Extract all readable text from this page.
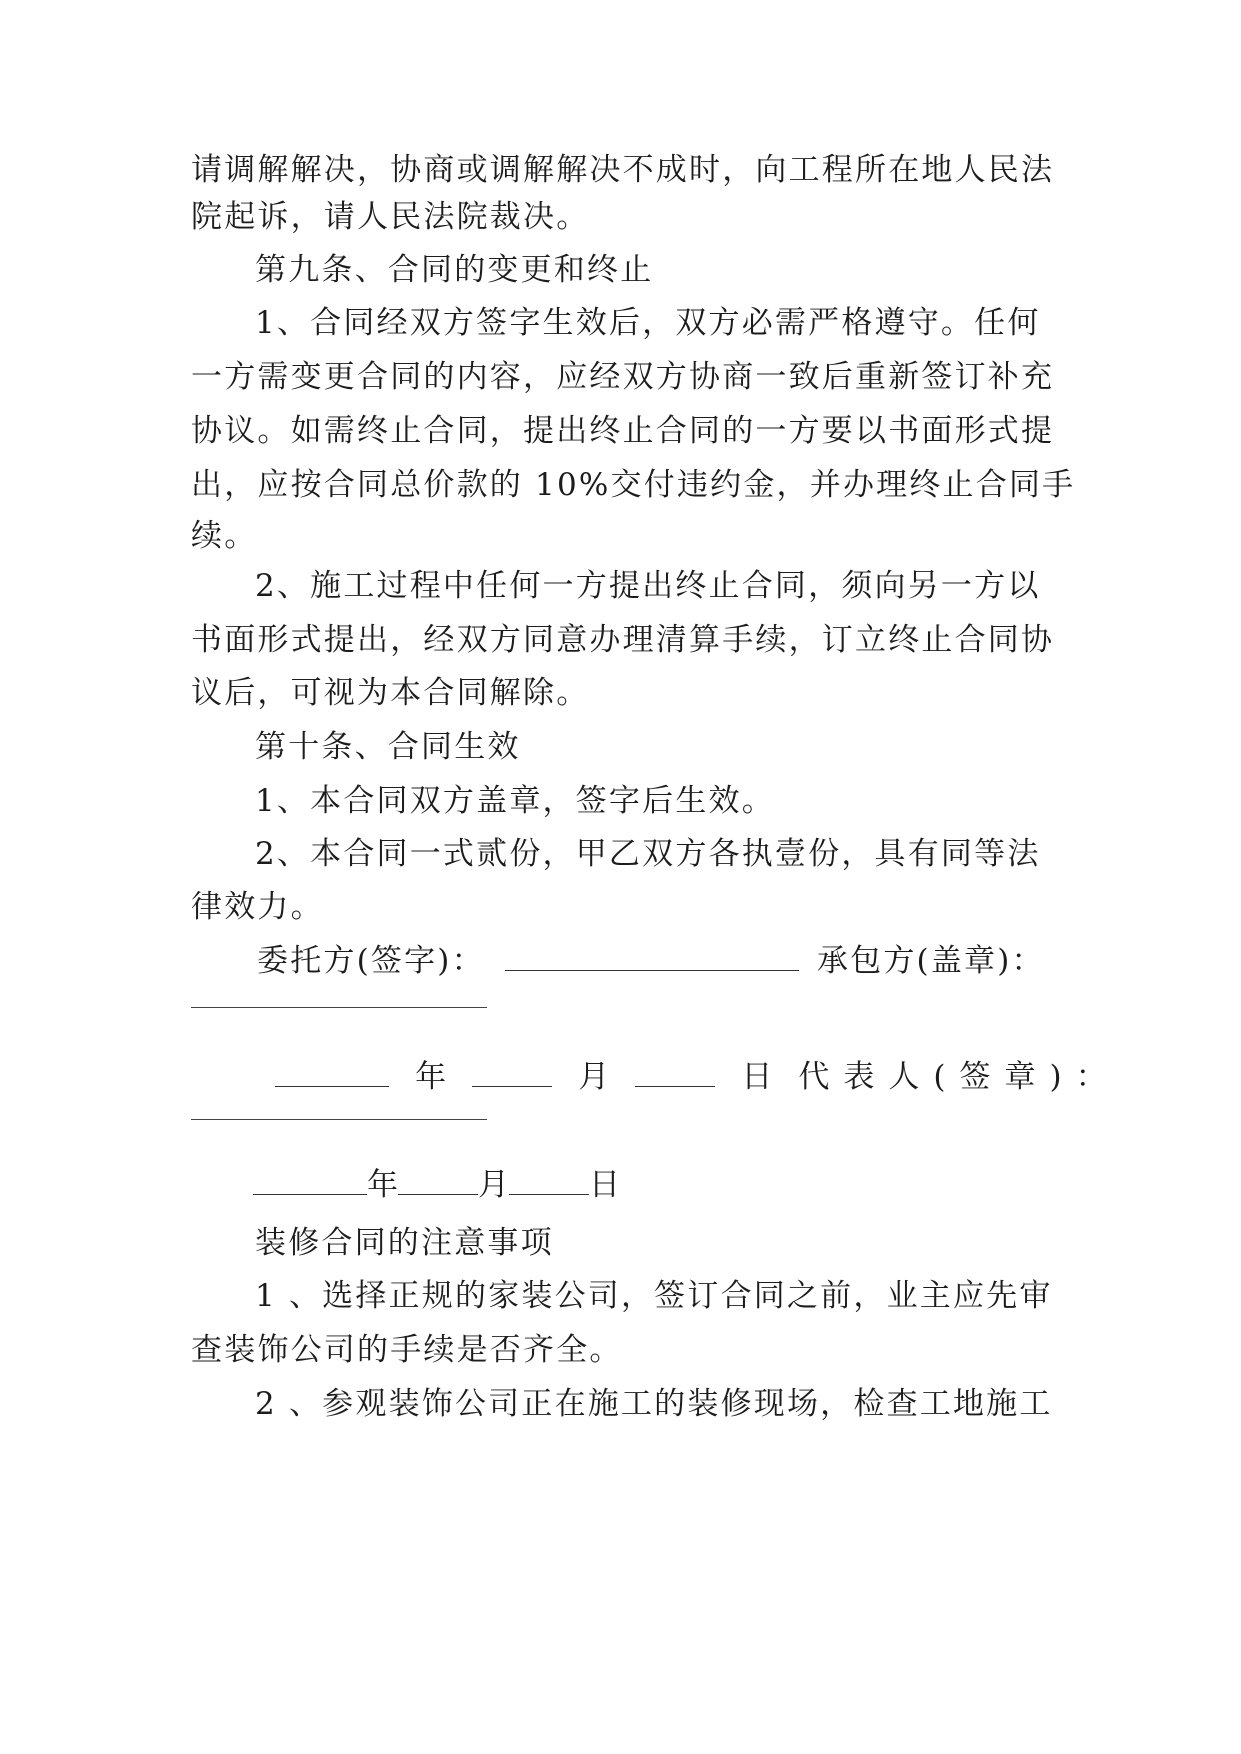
请调解解决，协商或调解解决不成时，向工程所在地人民法
院起诉，请人民法院裁决。
第九条、合同的变更和终止
1、合同经双方签字生效后，双方必需严格遵守。任何
一方需变更合同的内容，应经双方协商一致后重新签订补充
协议。如需终止合同，提出终止合同的一方要以书面形式提
出，应按合同总价款的 10%交付违约金，并办理终止合同手
续。
2、施工过程中任何一方提出终止合同，须向另一方以
书面形式提出，经双方同意办理清算手续，订立终止合同协
议后，可视为本合同解除。
第十条、合同生效
1、本合同双方盖章，签字后生效。
2、本合同一式贰份，甲乙双方各执壹份，具有同等法
律效力。
委托方(签字)：	承包方(盖章)：
年	月	日 代表人(签章)：
年	月	日
装修合同的注意事项
1 、选择正规的家装公司，签订合同之前，业主应先审
查装饰公司的手续是否齐全。
2 、参观装饰公司正在施工的装修现场，检查工地施工
